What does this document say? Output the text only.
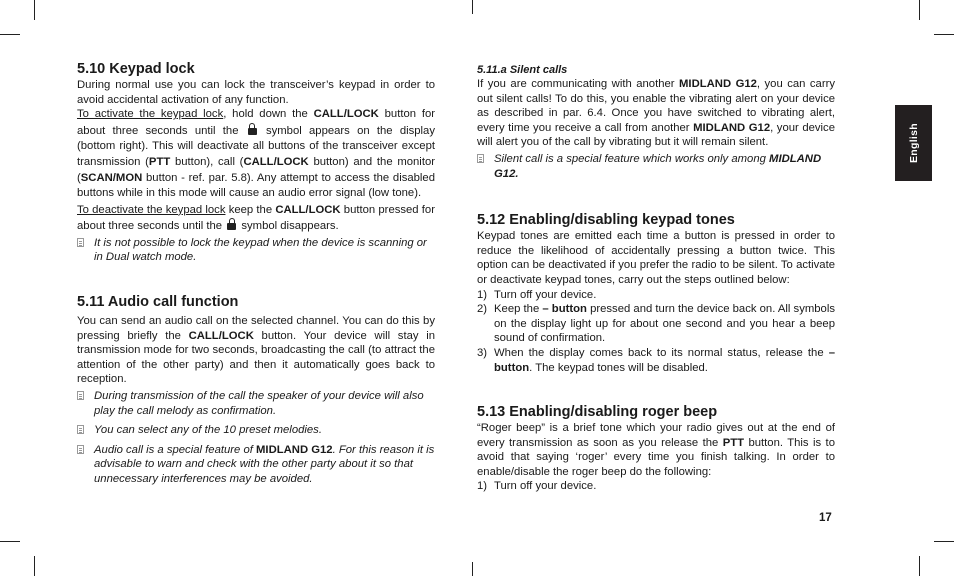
5.10 Keypad lock

During normal use you can lock the transceiver’s keypad in order to avoid accidental activation of any function.

To activate the keypad lock, hold down the CALL/LOCK button for about three seconds until the
symbol appears on the display (bottom right). This will deactivate all buttons of the transceiver except transmission (PTT button), call (CALL/LOCK button) and the monitor (SCAN/MON button - ref. par. 5.8). Any attempt to access the disabled buttons while in this mode will cause an audio error signal (low tone).

To deactivate the keypad lock keep the CALL/LOCK button pressed for about three seconds until the
symbol disappears.

It is not possible to lock the keypad when the device is scanning or in Dual watch mode.
5.11 Audio call function

You can send an audio call on the selected channel. You can do this by pressing briefly the CALL/LOCK button. Your device will stay in transmission mode for two seconds, broadcasting the call (to attract the attention of the other party) and then it automatically goes back to reception.

During transmission of the call the speaker of your device will also play the call melody as confirmation.
You can select any of the 10 preset melodies.
Audio call is a special feature of MIDLAND G12. For this reason it is advisable to warn and check with the other party about it so that unnecessary interferences may be avoided.
5.11.a Silent calls

If you are communicating with another MIDLAND G12, you can carry out silent calls! To do this, you enable the vibrating alert on your device as described in par. 6.4. Once you have switched to vibrating alert, every time you receive a call from another MIDLAND G12, your device will alert you of the call by vibrating but it will remain silent.

Silent call is a special feature which works only among MIDLAND G12.
5.12 Enabling/disabling keypad tones

Keypad tones are emitted each time a button is pressed in order to reduce the likelihood of accidentally pressing a button twice. This option can be deactivated if you prefer the radio to be silent. To activate or deactivate keypad tones, carry out the steps outlined below:

1) Turn off your device.
2) Keep the – button pressed and turn the device back on. All symbols on the display light up for about one second and you hear a beep sound of confirmation.
3) When the display comes back to its normal status, release the – button. The keypad tones will be disabled.
5.13 Enabling/disabling roger beep

“Roger beep” is a brief tone which your radio gives out at the end of every transmission as soon as you release the PTT button. This is to avoid that saying ‘roger’ every time you finish talking. In order to enable/disable the roger beep do the following:

1) Turn off your device.
English
17
